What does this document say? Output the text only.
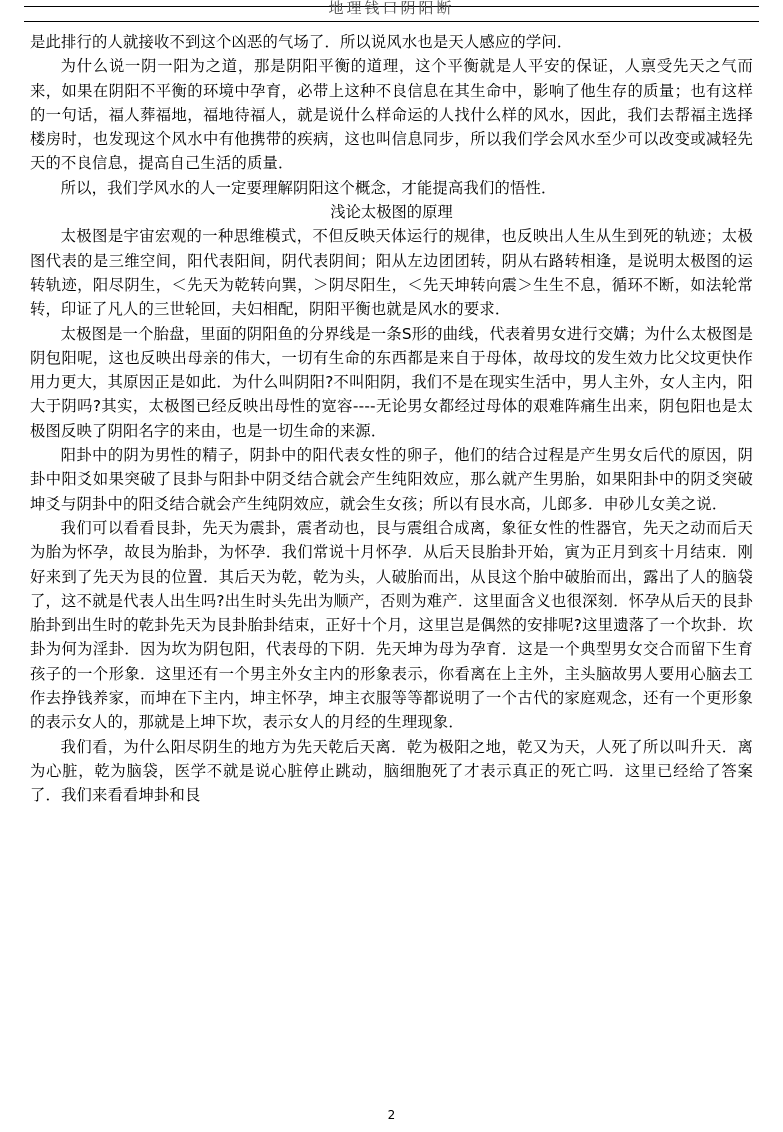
地理钱口阴阳断

是此排行的人就接收不到这个凶恶的气场了．所以说风水也是天人感应的学问．

为什么说一阴一阳为之道，那是阴阳平衡的道理，这个平衡就是人平安的保证，人禀受先天之气而来，如果在阴阳不平衡的环境中孕育，必带上这种不良信息在其生命中，影响了他生存的质量；也有这样的一句话，福人葬福地，福地待福人，就是说什么样命运的人找什么样的风水，因此，我们去帮福主选择楼房时，也发现这个风水中有他携带的疾病，这也叫信息同步，所以我们学会风水至少可以改变或减轻先天的不良信息，提高自己生活的质量．

所以，我们学风水的人一定要理解阴阳这个概念，才能提高我们的悟性．

浅论太极图的原理

太极图是宇宙宏观的一种思维模式，不但反映天体运行的规律，也反映出人生从生到死的轨迹；太极图代表的是三维空间，阳代表阳间，阴代表阴间；阳从左边团团转，阴从右路转相逢，是说明太极图的运转轨迹，阳尽阴生，＜先天为乾转向巽，＞阴尽阳生，＜先天坤转向震＞生生不息，循环不断，如法轮常转，印证了凡人的三世轮回，夫妇相配，阴阳平衡也就是风水的要求．

太极图是一个胎盘，里面的阴阳鱼的分界线是一条S形的曲线，代表着男女进行交媾；为什么太极图是阴包阳呢，这也反映出母亲的伟大，一切有生命的东西都是来自于母体，故母坟的发生效力比父坟更快作用力更大，其原因正是如此．为什么叫阴阳?不叫阳阴，我们不是在现实生活中，男人主外，女人主内，阳大于阴吗?其实，太极图已经反映出母性的宽容----无论男女都经过母体的艰难阵痛生出来，阴包阳也是太极图反映了阴阳名字的来由，也是一切生命的来源．

阳卦中的阴为男性的精子，阴卦中的阳代表女性的卵子，他们的结合过程是产生男女后代的原因，阴卦中阳爻如果突破了艮卦与阳卦中阴爻结合就会产生纯阳效应，那么就产生男胎，如果阳卦中的阴爻突破坤爻与阴卦中的阳爻结合就会产生纯阴效应，就会生女孩；所以有艮水高，儿郎多．申砂儿女美之说．

我们可以看看艮卦，先天为震卦，震者动也，艮与震组合成离，象征女性的性器官，先天之动而后天为胎为怀孕，故艮为胎卦，为怀孕．我们常说十月怀孕．从后天艮胎卦开始，寅为正月到亥十月结束．刚好来到了先天为艮的位置．其后天为乾，乾为头，人破胎而出，从艮这个胎中破胎而出，露出了人的脑袋了，这不就是代表人出生吗?出生时头先出为顺产，否则为难产．这里面含义也很深刻．怀孕从后天的艮卦胎卦到出生时的乾卦先天为艮卦胎卦结束，正好十个月，这里岂是偶然的安排呢?这里遗落了一个坎卦．坎卦为何为淫卦．因为坎为阴包阳，代表母的下阴．先天坤为母为孕育．这是一个典型男女交合而留下生育孩子的一个形象．这里还有一个男主外女主内的形象表示，你看离在上主外，主头脑故男人要用心脑去工作去挣钱养家，而坤在下主内，坤主怀孕，坤主衣服等等都说明了一个古代的家庭观念，还有一个更形象的表示女人的，那就是上坤下坎，表示女人的月经的生理现象．

我们看，为什么阳尽阴生的地方为先天乾后天离．乾为极阳之地，乾又为天，人死了所以叫升天．离为心脏，乾为脑袋，医学不就是说心脏停止跳动，脑细胞死了才表示真正的死亡吗．这里已经给了答案了．我们来看看坤卦和艮

2
